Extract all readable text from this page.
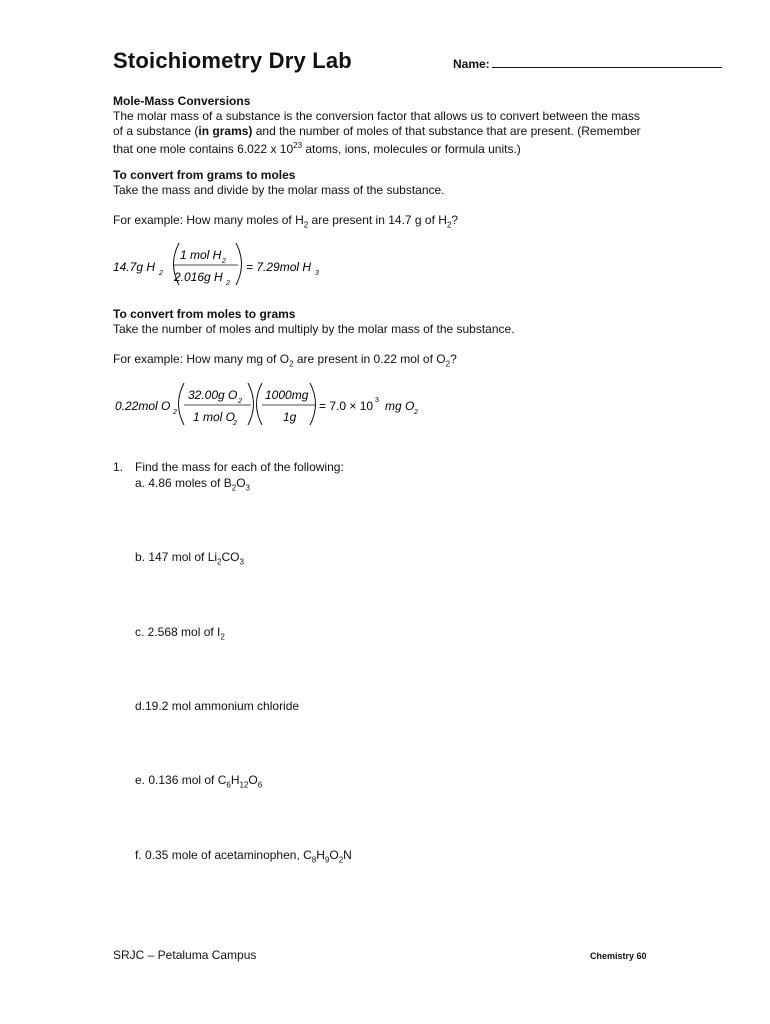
Stoichiometry Dry Lab	Name:
Mole-Mass Conversions
The molar mass of a substance is the conversion factor that allows us to convert between the mass
of a substance (in grams) and the number of moles of that substance that are present. (Remember
that one mole contains 6.022 x $10^{23}$ atoms, ions, molecules or formula units.)
To convert from grams to moles
Take the mass and divide by the molar mass of the substance.
For example: How many moles of $H_2$ are present in 14.7 g of $H_2$?
14.7g H 2
1 mol H 2
2.016g H 2
= 7.29mol H 3
To convert from moles to grams
Take the number of moles and multiply by the molar mass of the substance.
For example: How many mg of $O_2$ are present in 0.22 mol of $O_2$?
0.22mol O 2
32.00g O 2
1 mol O
2
1000mg
1g
= 7.0 × 10 3 mg O 2
1. Find the mass for each of the following:
a. 4.86 moles of $B_2O_3$
b. 147 mol of $Li_2CO_3$
c. 2.568 mol of $I_2$
d.19.2 mol ammonium chloride
e. 0.136 mol of $C_6H_{12}O_6$
f. 0.35 mole of acetaminophen, $C_8H_9O_2N$
SRJC – Petaluma Campus	Chemistry 60
